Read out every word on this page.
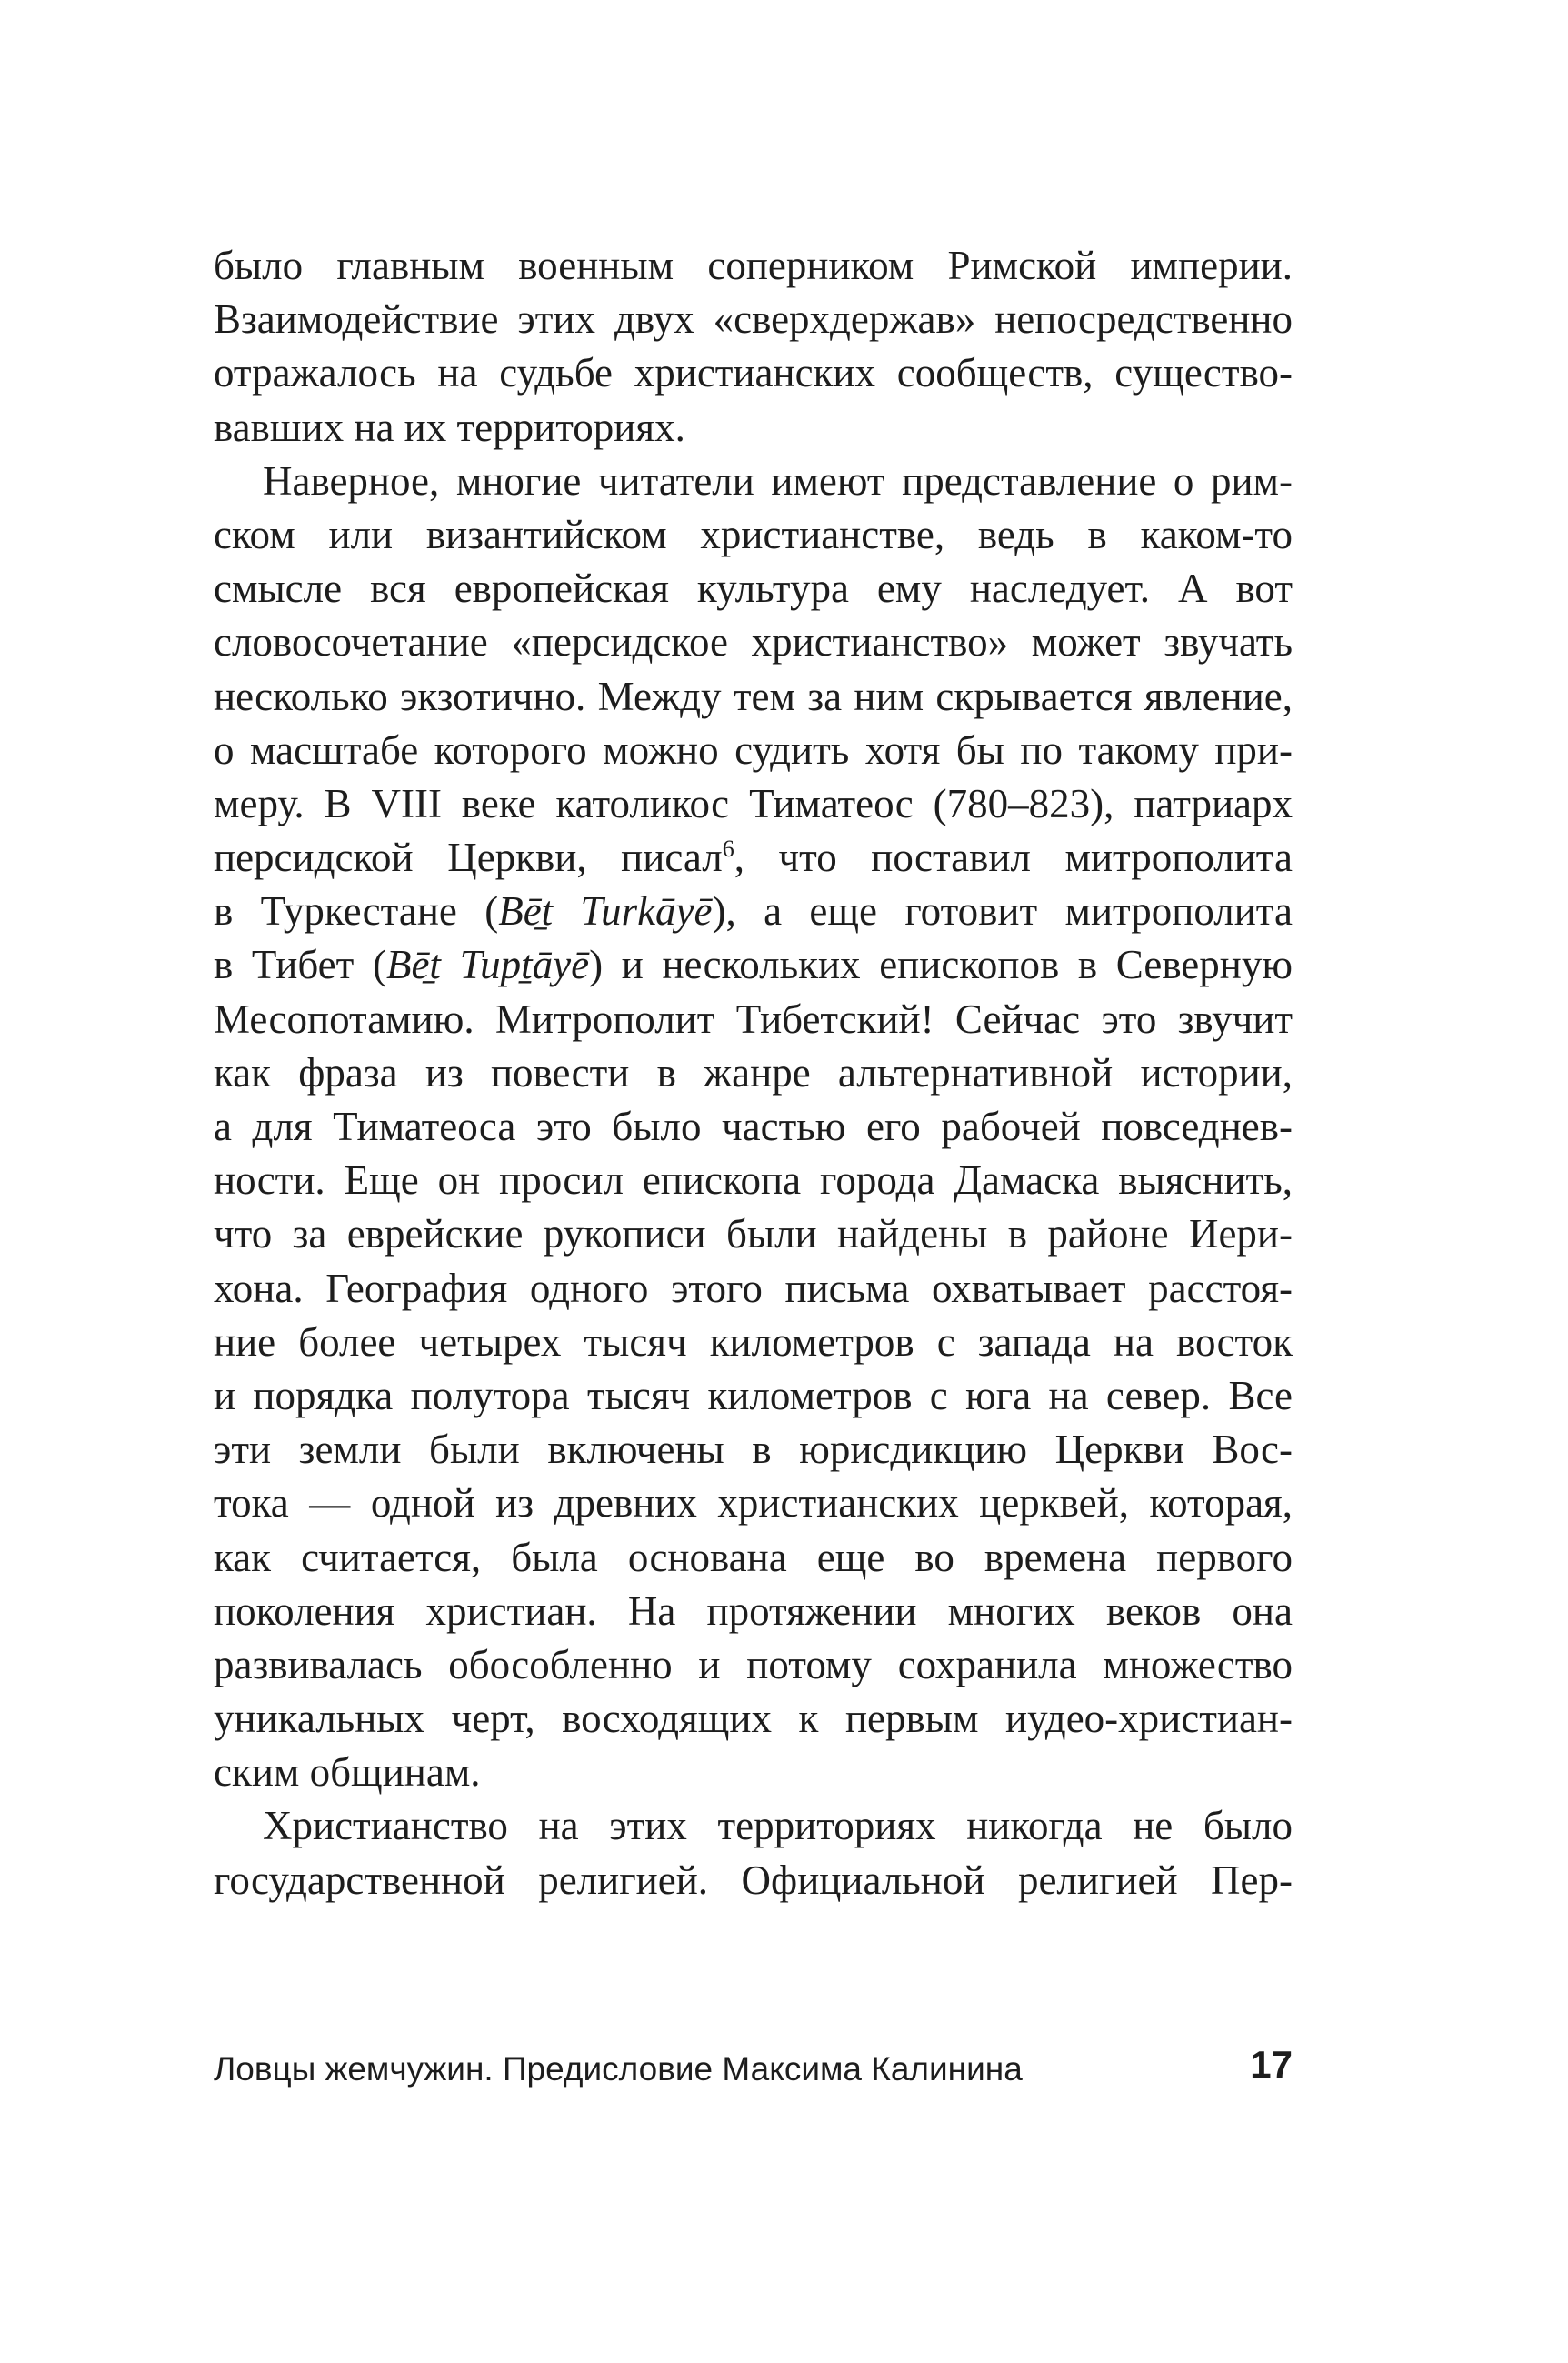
было главным военным соперником Римской империи.
Взаимодействие этих двух «сверхдержав» непосредственно
отражалось на судьбе христианских сообществ, существо-
вавших на их территориях.
Наверное, многие читатели имеют представление о рим-
ском или византийском христианстве, ведь в каком-то
смысле вся европейская культура ему наследует. А вот
словосочетание «персидское христианство» может звучать
несколько экзотично. Между тем за ним скрывается явление,
о масштабе которого можно судить хотя бы по такому при-
меру. В VIII веке католикос Тиматеос (780–823), патриарх
персидской Церкви, писал$^6$, что поставил митрополита
в Туркестане (Bē̱t Turkāyē), а еще готовит митрополита
в Тибет (Bē̱t Tupṯāyē) и нескольких епископов в Северную
Месопотамию. Митрополит Тибетский! Сейчас это звучит
как фраза из повести в жанре альтернативной истории,
а для Тиматеоса это было частью его рабочей повседнев-
ности. Еще он просил епископа города Дамаска выяснить,
что за еврейские рукописи были найдены в районе Иери-
хона. География одного этого письма охватывает расстоя-
ние более четырех тысяч километров с запада на восток
и порядка полутора тысяч километров с юга на север. Все
эти земли были включены в юрисдикцию Церкви Вос-
тока — одной из древних христианских церквей, которая,
как считается, была основана еще во времена первого
поколения христиан. На протяжении многих веков она
развивалась обособленно и потому сохранила множество
уникальных черт, восходящих к первым иудео-христиан-
ским общинам.
Христианство на этих территориях никогда не было
государственной религией. Официальной религией Пер-
Ловцы жемчужин. Предисловие Максима Калинина	17
